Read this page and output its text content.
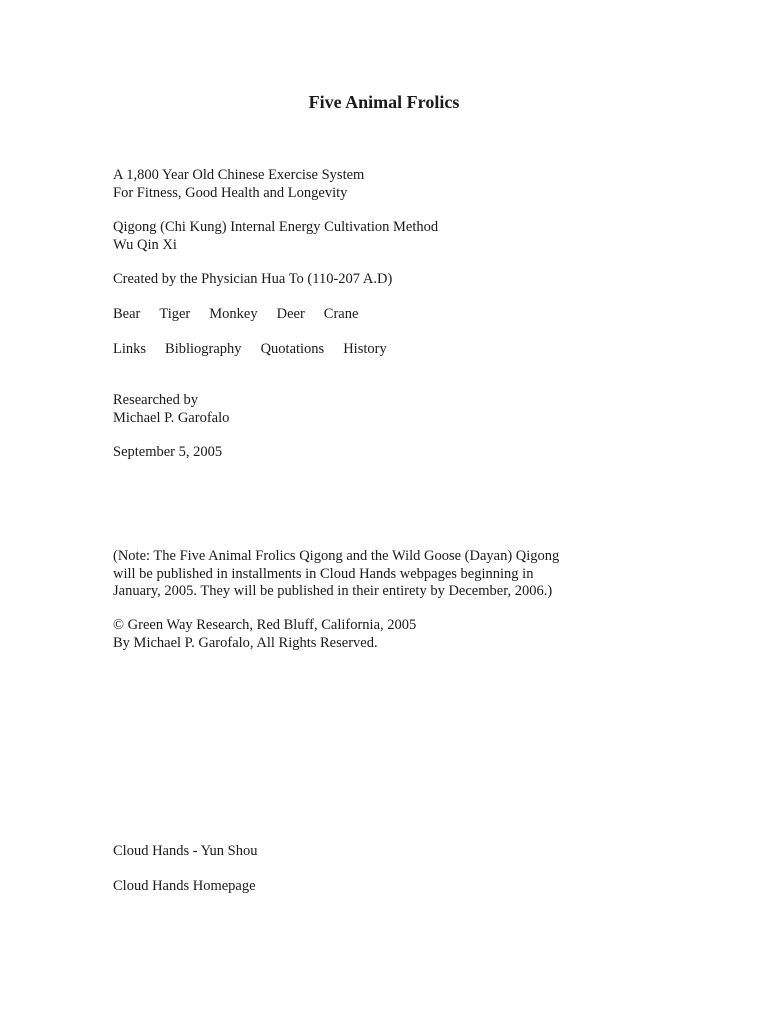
Five Animal Frolics
A 1,800 Year Old Chinese Exercise System
For Fitness, Good Health and Longevity
Qigong (Chi Kung) Internal Energy Cultivation Method
Wu Qin Xi
Created by the Physician Hua To (110-207 A.D)
Bear Tiger Monkey Deer Crane
Links Bibliography Quotations History
Researched by
Michael P. Garofalo
September 5, 2005
(Note: The Five Animal Frolics Qigong and the Wild Goose (Dayan) Qigong
will be published in installments in Cloud Hands webpages beginning in
January, 2005. They will be published in their entirety by December, 2006.)
© Green Way Research, Red Bluff, California, 2005
By Michael P. Garofalo, All Rights Reserved.
Cloud Hands - Yun Shou
Cloud Hands Homepage
